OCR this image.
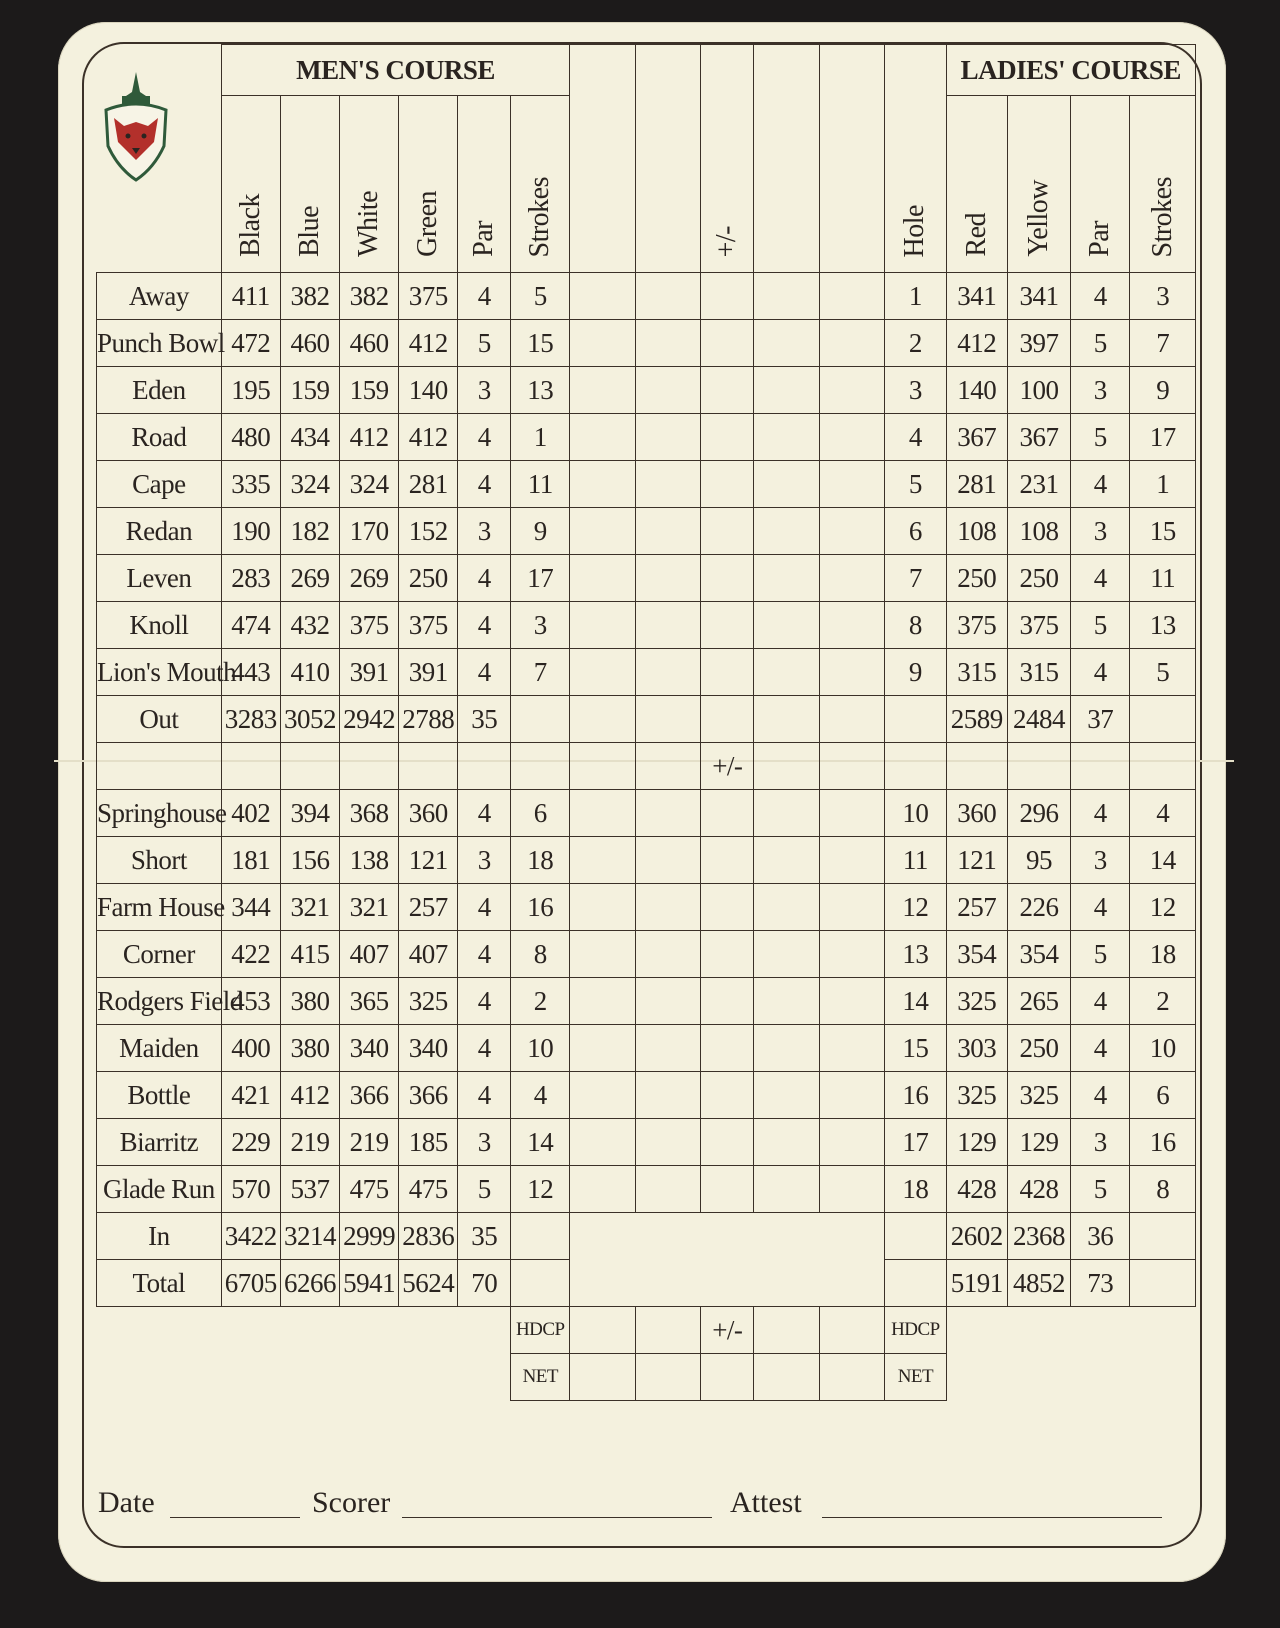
	MEN'S COURSE								+/-			Hole	LADIES' COURSE			
	Black	Blue	White	Green	Par	Strokes							Red	Yellow	Par	Strokes
Away	411	382	382	375	4	5						1	341	341	4	3
Punch Bowl	472	460	460	412	5	15						2	412	397	5	7
Eden	195	159	159	140	3	13						3	140	100	3	9
Road	480	434	412	412	4	1						4	367	367	5	17
Cape	335	324	324	281	4	11						5	281	231	4	1
Redan	190	182	170	152	3	9						6	108	108	3	15
Leven	283	269	269	250	4	17						7	250	250	4	11
Knoll	474	432	375	375	4	3						8	375	375	5	13
Lion's Mouth	443	410	391	391	4	7						9	315	315	4	5
Out	3283	3052	2942	2788	35								2589	2484	37	
									+/-							
Springhouse	402	394	368	360	4	6						10	360	296	4	4
Short	181	156	138	121	3	18						11	121	95	3	14
Farm House	344	321	321	257	4	16						12	257	226	4	12
Corner	422	415	407	407	4	8						13	354	354	5	18
Rodgers Field	453	380	365	325	4	2						14	325	265	4	2
Maiden	400	380	340	340	4	10						15	303	250	4	10
Bottle	421	412	366	366	4	4						16	325	325	4	6
Biarritz	229	219	219	185	3	14						17	129	129	3	16
Glade Run	570	537	475	475	5	12						18	428	428	5	8
In	3422	3214	2999	2836	35								2602	2368	36	
Total	6705	6266	5941	5624	70								5191	4852	73	
						HDCP			+/-			HDCP				
						NET						NET				
Date	Scorer	Attest
